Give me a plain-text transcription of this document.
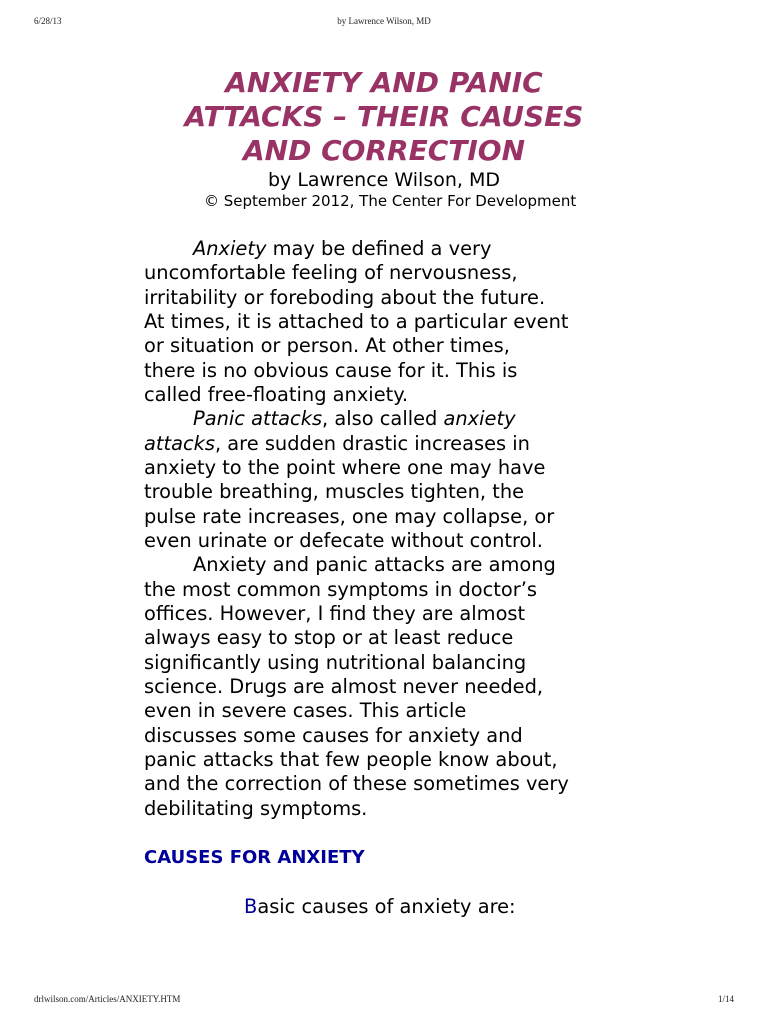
6/28/13	by Lawrence Wilson, MD
ANXIETY AND PANIC
ATTACKS – THEIR CAUSES
AND CORRECTION
by Lawrence Wilson, MD
© September 2012, The Center For Development
Anxiety may be defined a very
uncomfortable feeling of nervousness,
irritability or foreboding about the future.
At times, it is attached to a particular event
or situation or person. At other times,
there is no obvious cause for it. This is
called free-floating anxiety.
Panic attacks, also called anxiety
attacks, are sudden drastic increases in
anxiety to the point where one may have
trouble breathing, muscles tighten, the
pulse rate increases, one may collapse, or
even urinate or defecate without control.
Anxiety and panic attacks are among
the most common symptoms in doctor’s
offices. However, I find they are almost
always easy to stop or at least reduce
significantly using nutritional balancing
science. Drugs are almost never needed,
even in severe cases. This article
discusses some causes for anxiety and
panic attacks that few people know about,
and the correction of these sometimes very
debilitating symptoms.
CAUSES FOR ANXIETY
Basic causes of anxiety are:
drlwilson.com/Articles/ANXIETY.HTM	1/14
